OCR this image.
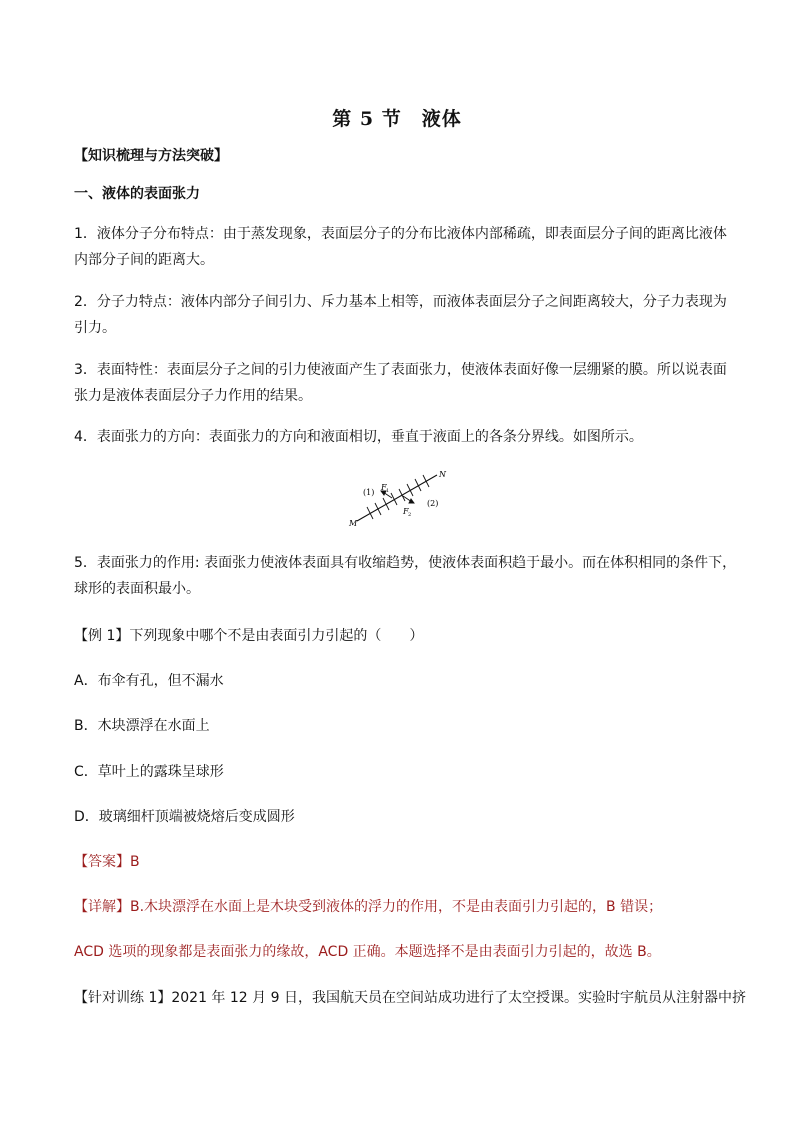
第 5 节　液体
【知识梳理与方法突破】
一、液体的表面张力
1．液体分子分布特点：由于蒸发现象，表面层分子的分布比液体内部稀疏，即表面层分子间的距离比液体
内部分子间的距离大。
2．分子力特点：液体内部分子间引力、斥力基本上相等，而液体表面层分子之间距离较大，分子力表现为
引力。
3．表面特性：表面层分子之间的引力使液面产生了表面张力，使液体表面好像一层绷紧的膜。所以说表面
张力是液体表面层分子力作用的结果。
4．表面张力的方向：表面张力的方向和液面相切，垂直于液面上的各条分界线。如图所示。
(1)
(2)
N
M
F 1
F 2
5．表面张力的作用: 表面张力使液体表面具有收缩趋势，使液体表面积趋于最小。而在体积相同的条件下，
球形的表面积最小。
【例 1】下列现象中哪个不是由表面引力引起的（　　）
A．布伞有孔，但不漏水
B．木块漂浮在水面上
C．草叶上的露珠呈球形
D．玻璃细杆顶端被烧熔后变成圆形
【答案】B
【详解】B.木块漂浮在水面上是木块受到液体的浮力的作用，不是由表面引力引起的，B 错误；
ACD 选项的现象都是表面张力的缘故，ACD 正确。本题选择不是由表面引力引起的，故选 B。
【针对训练 1】2021 年 12 月 9 日，我国航天员在空间站成功进行了太空授课。实验时宇航员从注射器中挤
